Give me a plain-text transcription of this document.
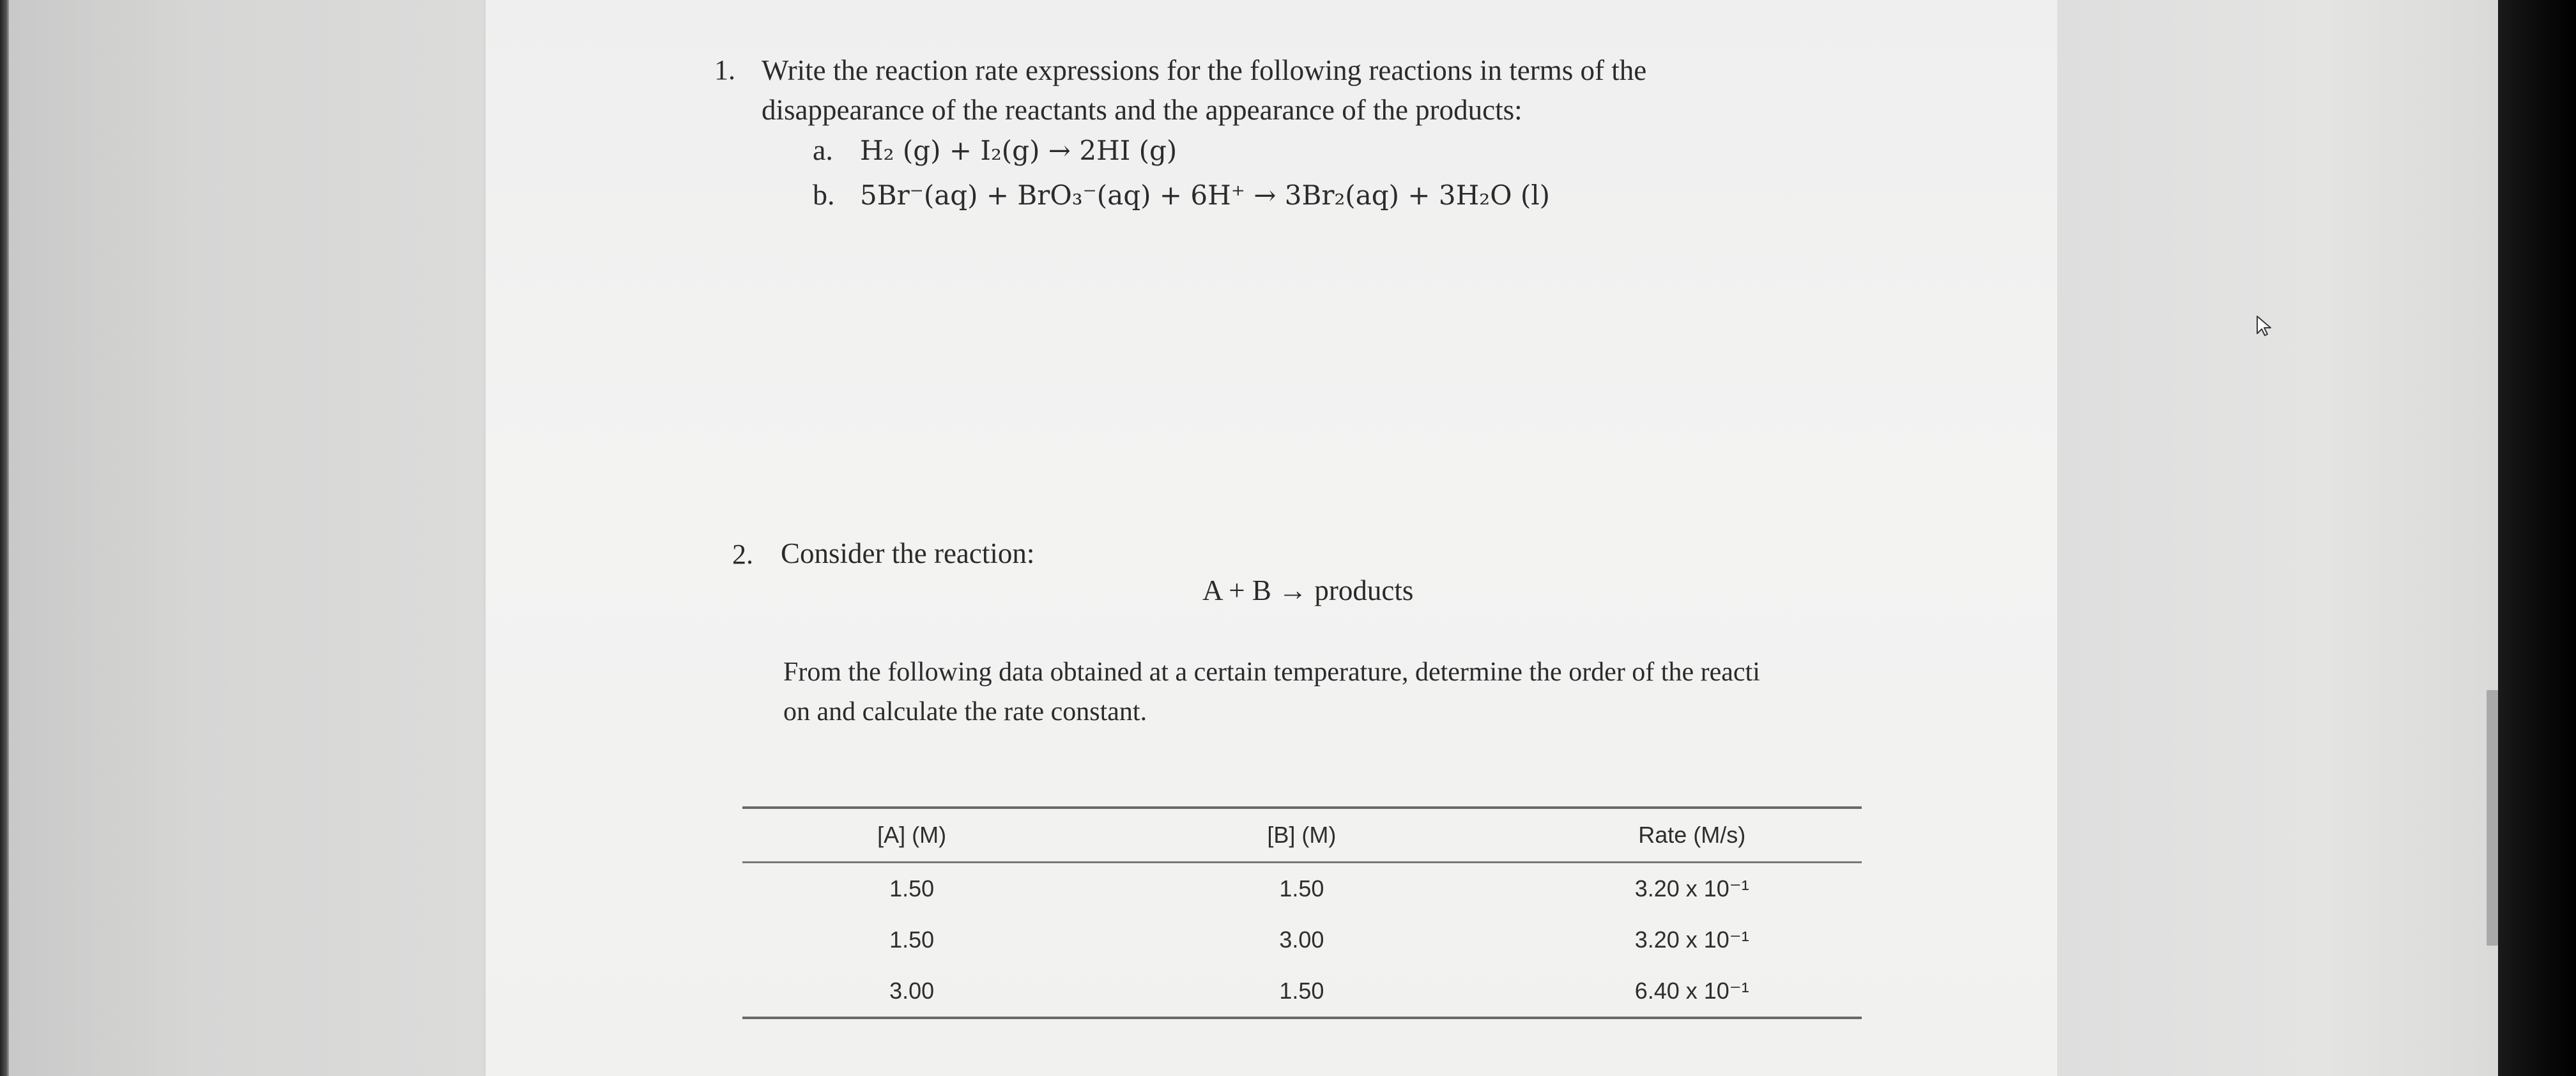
1. Write the reaction rate expressions for the following reactions in terms of the
disappearance of the reactants and the appearance of the products:
a. H₂ (g) + I₂(g) → 2HI (g)
b. 5Br⁻(aq) + BrO₃⁻(aq) + 6H⁺ → 3Br₂(aq) + 3H₂O (l)
2. Consider the reaction:
A + B → products
From the following data obtained at a certain temperature, determine the order of the reacti
on and calculate the rate constant.
[A] (M)	[B] (M)	Rate (M/s)
1.50	1.50	3.20 x 10⁻¹
1.50	3.00	3.20 x 10⁻¹
3.00	1.50	6.40 x 10⁻¹
